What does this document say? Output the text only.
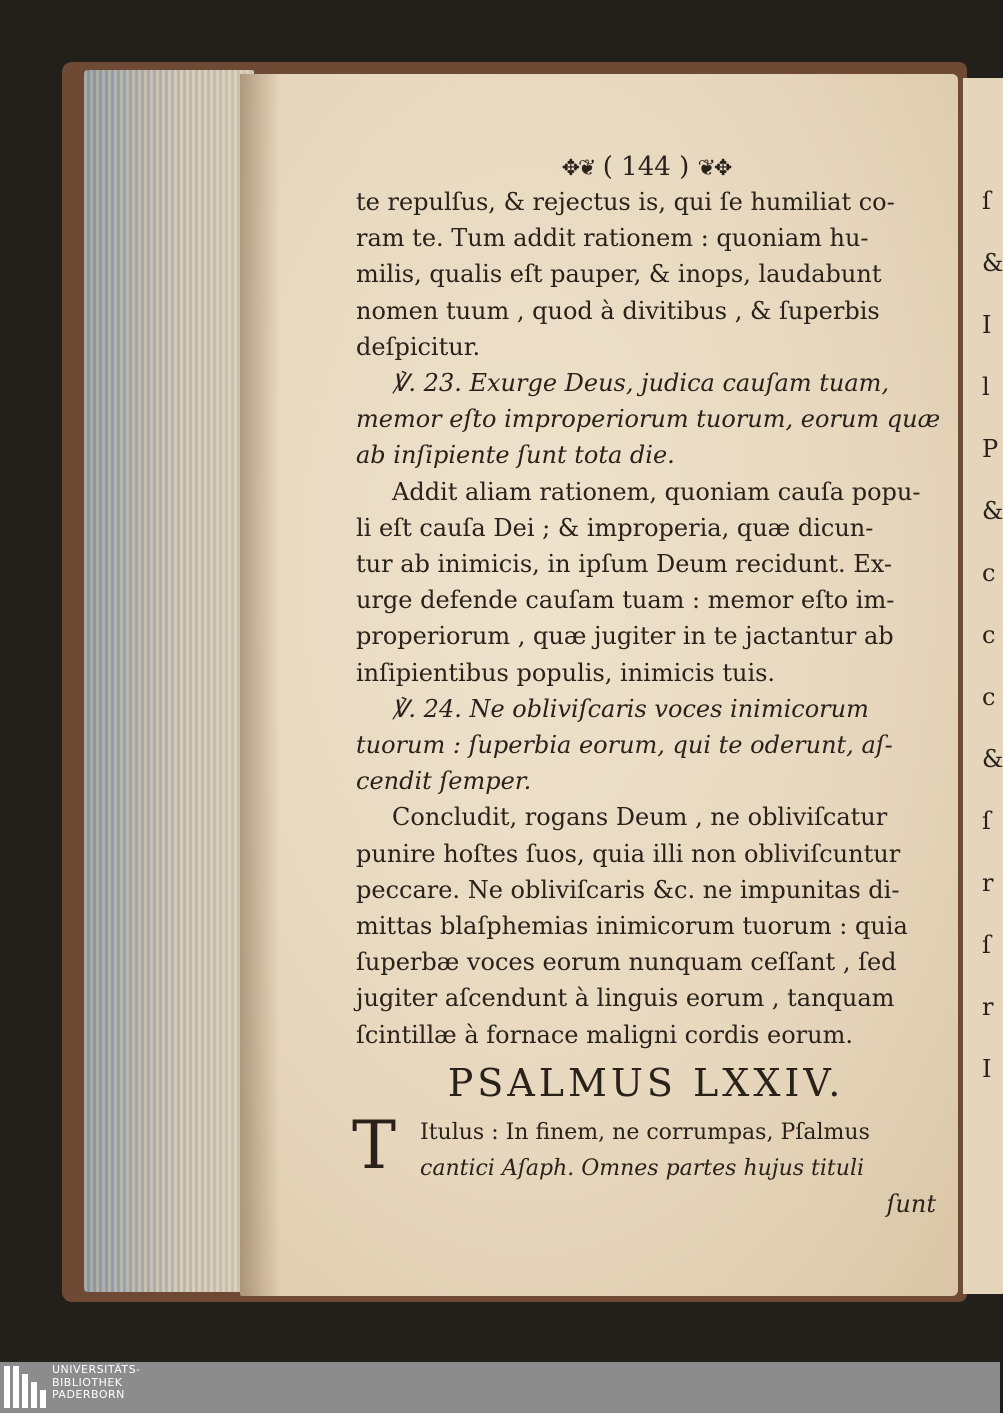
✥❦ ( 144 ) ❦✥
te repulſus, & rejectus is, qui ſe humiliat co-
ram te. Tum addit rationem : quoniam hu-
milis, qualis eſt pauper, & inops, laudabunt
nomen tuum , quod à divitibus , & ſuperbis
deſpicitur.
℣. 23. Exurge Deus, judica cauſam tuam,
memor eſto improperiorum tuorum, eorum quæ
ab inſipiente ſunt tota die.
Addit aliam rationem, quoniam cauſa popu-
li eſt cauſa Dei ; & improperia, quæ dicun-
tur ab inimicis, in ipſum Deum recidunt. Ex-
urge defende cauſam tuam : memor eſto im-
properiorum , quæ jugiter in te jactantur ab
inſipientibus populis, inimicis tuis.
℣. 24. Ne obliviſcaris voces inimicorum
tuorum : ſuperbia eorum, qui te oderunt, aſ-
cendit ſemper.
Concludit, rogans Deum , ne obliviſcatur
punire hoſtes ſuos, quia illi non obliviſcuntur
peccare. Ne obliviſcaris &c. ne impunitas di-
mittas blaſphemias inimicorum tuorum : quia
ſuperbæ voces eorum nunquam ceſſant , ſed
jugiter aſcendunt à linguis eorum , tanquam
ſcintillæ à fornace maligni cordis eorum.
PSALMUS LXXIV.
T Itulus : In finem, ne corrumpas, Pſalmus
cantici Aſaph. Omnes partes hujus tituli
ſunt
ſ
&
I
l
P
&
c
c
c
&
ſ
r
ſ
r
I
UNIVERSITÄTS-
BIBLIOTHEK
PADERBORN
